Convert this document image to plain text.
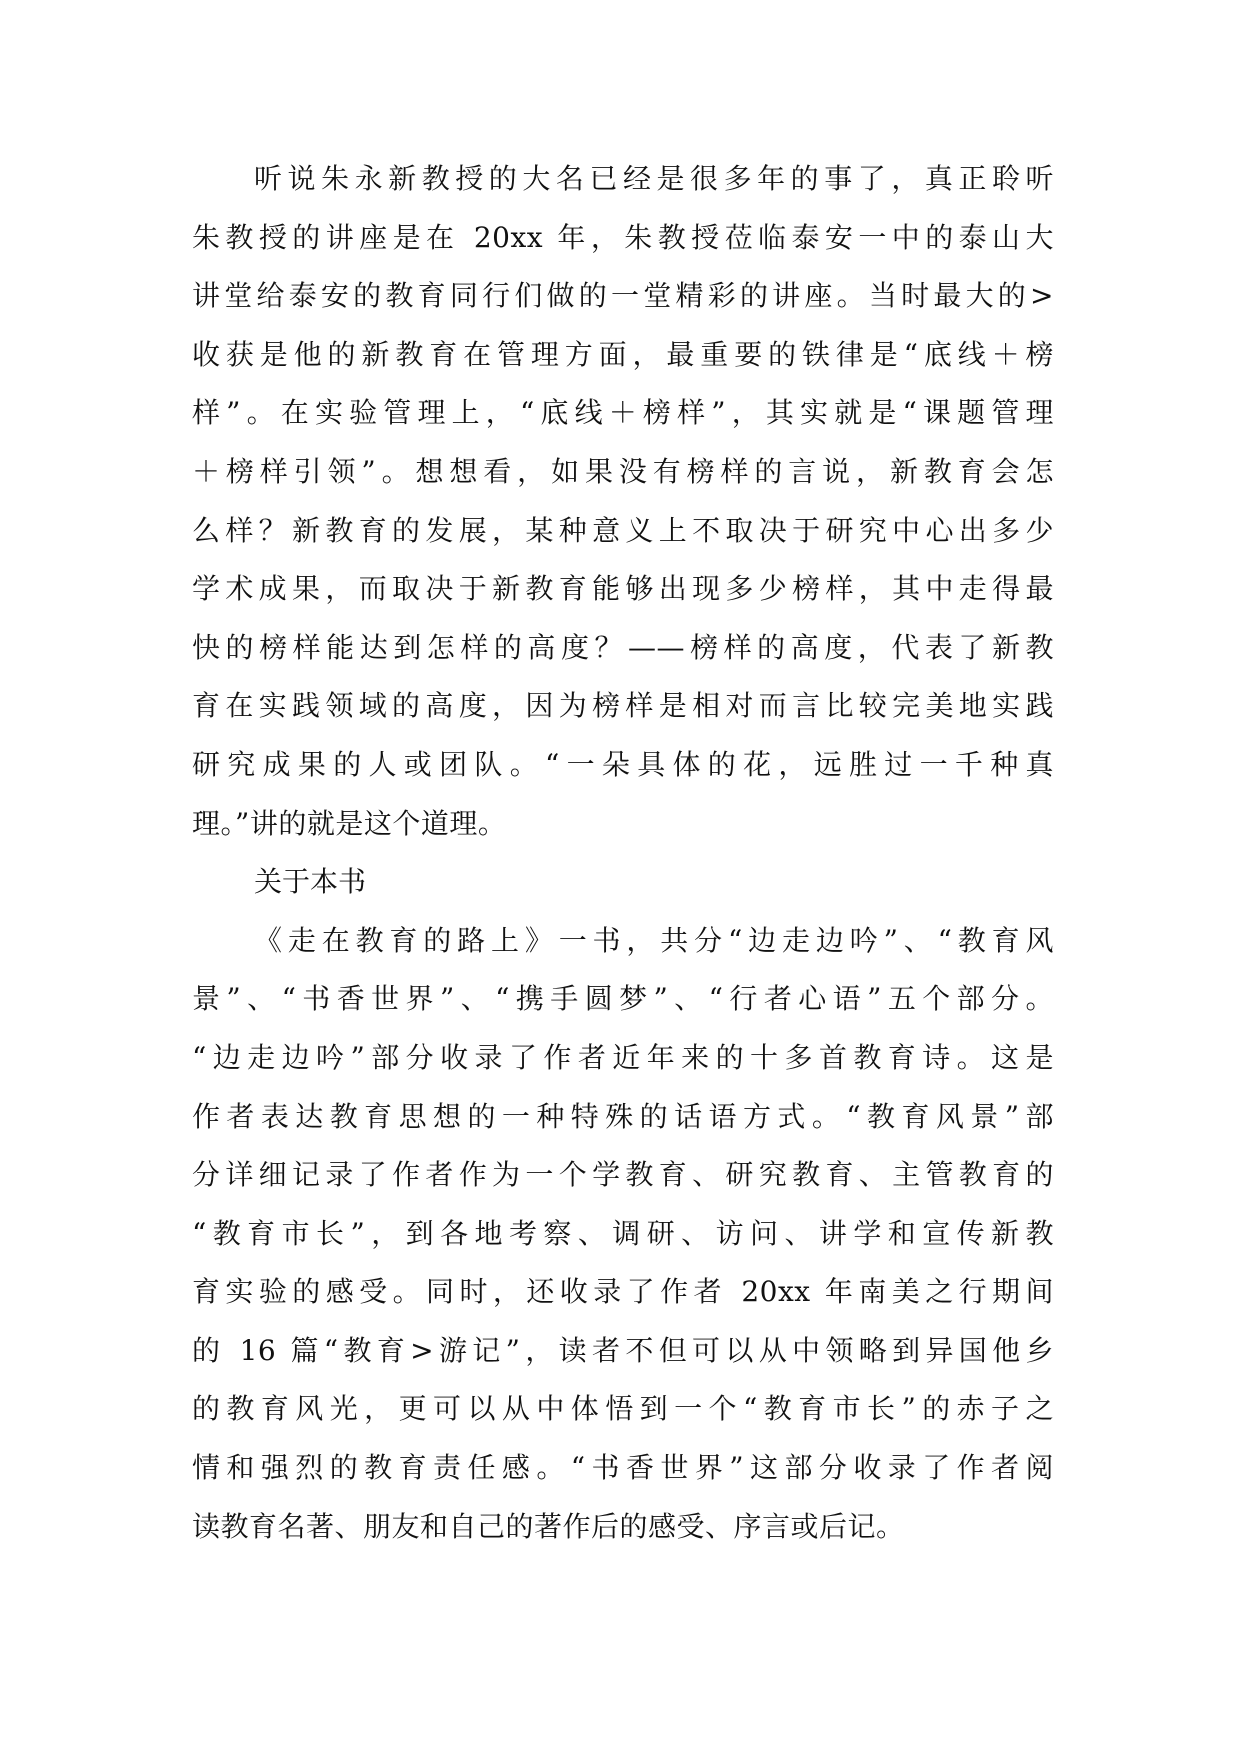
听说朱永新教授的大名已经是很多年的事了，真正聆听
朱教授的讲座是在 20xx 年，朱教授莅临泰安一中的泰山大
讲堂给泰安的教育同行们做的一堂精彩的讲座。当时最大的>
收获是他的新教育在管理方面，最重要的铁律是“底线＋榜
样”。在实验管理上，“底线＋榜样”，其实就是“课题管理
＋榜样引领”。想想看，如果没有榜样的言说，新教育会怎
么样？新教育的发展，某种意义上不取决于研究中心出多少
学术成果，而取决于新教育能够出现多少榜样，其中走得最
快的榜样能达到怎样的高度？——榜样的高度，代表了新教
育在实践领域的高度，因为榜样是相对而言比较完美地实践
研究成果的人或团队。“一朵具体的花，远胜过一千种真
理。”讲的就是这个道理。
关于本书
《走在教育的路上》一书，共分“边走边吟”、“教育风
景”、“书香世界”、“携手圆梦”、“行者心语”五个部分。
“边走边吟”部分收录了作者近年来的十多首教育诗。这是
作者表达教育思想的一种特殊的话语方式。“教育风景”部
分详细记录了作者作为一个学教育、研究教育、主管教育的
“教育市长”，到各地考察、调研、访问、讲学和宣传新教
育实验的感受。同时，还收录了作者 20xx 年南美之行期间
的 16 篇“教育>游记”，读者不但可以从中领略到异国他乡
的教育风光，更可以从中体悟到一个“教育市长”的赤子之
情和强烈的教育责任感。“书香世界”这部分收录了作者阅
读教育名著、朋友和自己的著作后的感受、序言或后记。
